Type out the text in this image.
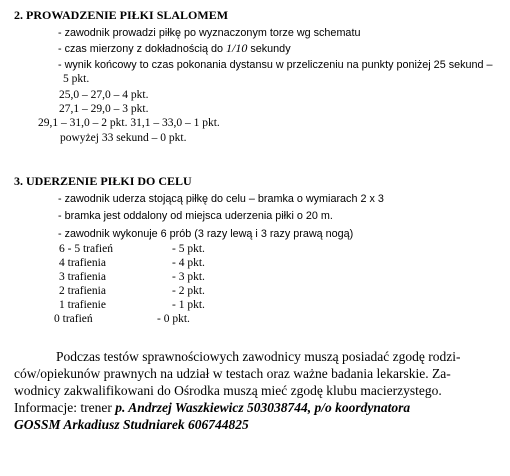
2. PROWADZENIE PIŁKI SLALOMEM
- zawodnik prowadzi piłkę po wyznaczonym torze wg schematu
- czas mierzony z dokładnością do 1/10 sekundy
- wynik końcowy to czas pokonania dystansu w przeliczeniu na punkty poniżej 25 sekund –
5 pkt.
25,0 – 27,0 – 4 pkt.
27,1 – 29,0 – 3 pkt.
29,1 – 31,0 – 2 pkt. 31,1 – 33,0 – 1 pkt.
powyżej 33 sekund – 0 pkt.
3. UDERZENIE PIŁKI DO CELU
- zawodnik uderza stojącą piłkę do celu – bramka o wymiarach 2 x 3
- bramka jest oddalony od miejsca uderzenia piłki o 20 m.
- zawodnik wykonuje 6 prób (3 razy lewą i 3 razy prawą nogą)
6 - 5 trafień	- 5 pkt.
4 trafienia	- 4 pkt.
3 trafienia	- 3 pkt.
2 trafienia	- 2 pkt.
1 trafienie	- 1 pkt.
0 trafień	- 0 pkt.
Podczas testów sprawnościowych zawodnicy muszą posiadać zgodę rodzi-
ców/opiekunów prawnych na udział w testach oraz ważne badania lekarskie. Za-
wodnicy zakwalifikowani do Ośrodka muszą mieć zgodę klubu macierzystego.
Informacje: trener p. Andrzej Waszkiewicz 503038744, p/o koordynatora
GOSSM Arkadiusz Studniarek 606744825
